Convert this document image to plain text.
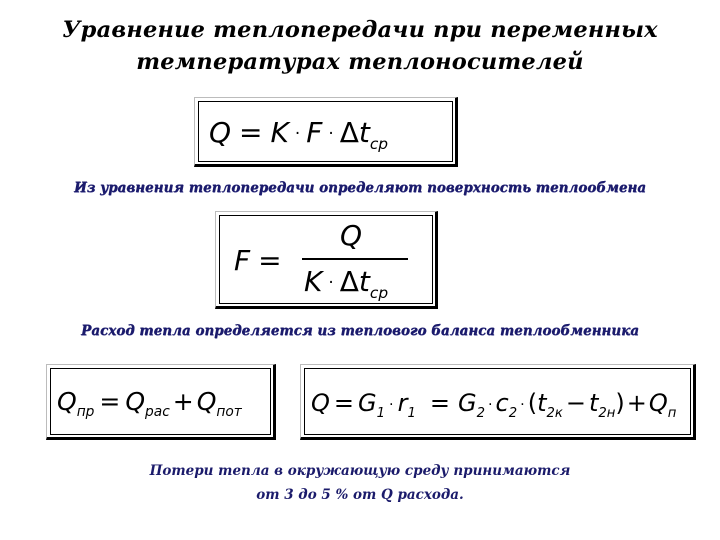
Уравнение теплопередачи при переменных
температурах теплоносителей
$Q = K \cdot F \cdot \Delta t_{ср}$
Из уравнения теплопередачи определяют поверхность теплообмена
F =
Q
$K \cdot \Delta t_{ср}$
Расход тепла определяется из теплового баланса теплообменника
$Q_{пр} = Q_{рас} + Q_{пот}$	$Q = G_1\cdot r_1 = G_2\cdot c_2\cdot (t_{2к} - t_{2н})+Q_п$
Потери тепла в окружающую среду принимаются
от 3 до 5 % от Q расхода.
